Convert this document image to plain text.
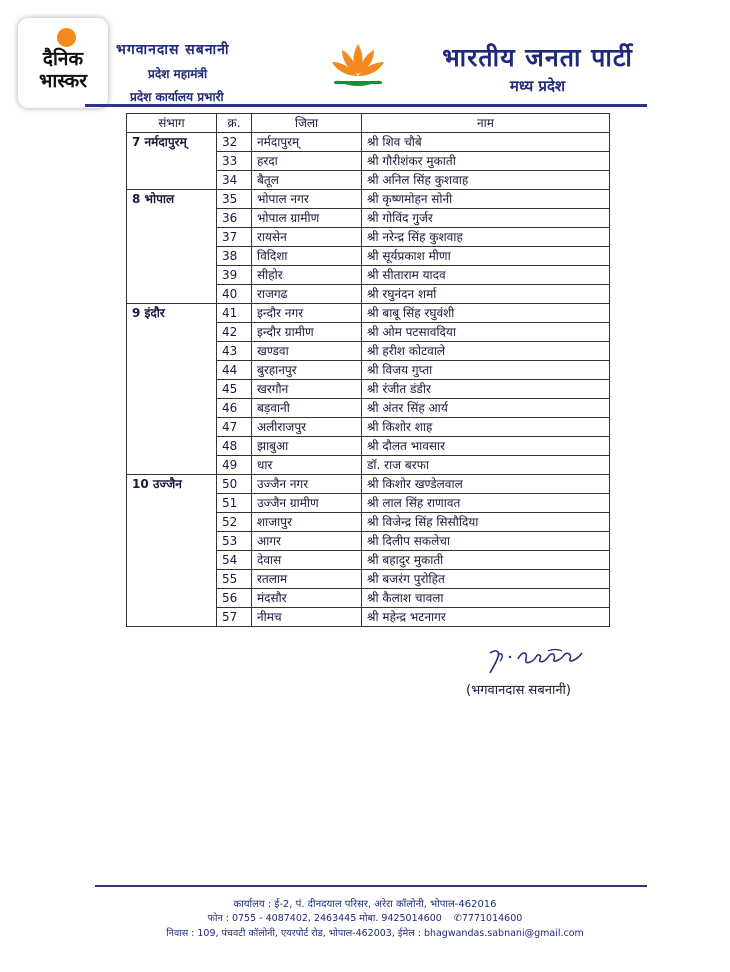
दैनिक
भास्कर
भगवानदास सबनानी
प्रदेश महामंत्री
प्रदेश कार्यालय प्रभारी
भारतीय जनता पार्टी
मध्य प्रदेश
संभाग	क्र.	जिला	नाम
7 नर्मदापुरम्	32	नर्मदापुरम्	श्री शिव चौबे
	33	हरदा	श्री गौरीशंकर मुकाती
	34	बैतूल	श्री अनिल सिंह कुशवाह
8 भोपाल	35	भोपाल नगर	श्री कृष्णमोहन सोनी
	36	भोपाल ग्रामीण	श्री गोविंद गुर्जर
	37	रायसेन	श्री नरेन्द्र सिंह कुशवाह
	38	विदिशा	श्री सूर्यप्रकाश मीणा
	39	सीहोर	श्री सीताराम यादव
	40	राजगढ	श्री रघुनंदन शर्मा
9 इंदौर	41	इन्दौर नगर	श्री बाबू सिंह रघुवंशी
	42	इन्दौर ग्रामीण	श्री ओम पटसावदिया
	43	खण्डवा	श्री हरीश कोटवाले
	44	बुरहानपुर	श्री विजय गुप्ता
	45	खरगौन	श्री रंजीत डंडीर
	46	बड़वानी	श्री अंतर सिंह आर्य
	47	अलीराजपुर	श्री किशोर शाह
	48	झाबुआ	श्री दौलत भावसार
	49	धार	डॉ. राज बरफा
10 उज्जैन	50	उज्जैन नगर	श्री किशोर खण्डेलवाल
	51	उज्जैन ग्रामीण	श्री लाल सिंह राणावत
	52	शाजापुर	श्री विजेन्द्र सिंह सिसौदिया
	53	आगर	श्री दिलीप सकलेचा
	54	देवास	श्री बहादुर मुकाती
	55	रतलाम	श्री बजरंग पुरोहित
	56	मंदसौर	श्री कैलाश चावला
	57	नीमच	श्री महेन्द्र भटनागर
(भगवानदास सबनानी)
कार्यालय : ई-2, पं. दीनदयाल परिसर, अरेरा कॉलोनी, भोपाल-462016
फोन : 0755 - 4087402, 2463445 मोबा. 9425014600 ✆7771014600
निवास : 109, पंचवटी कॉलोनी, एयरपोर्ट रोड, भोपाल-462003, ईमेल : bhagwandas.sabnani@gmail.com
